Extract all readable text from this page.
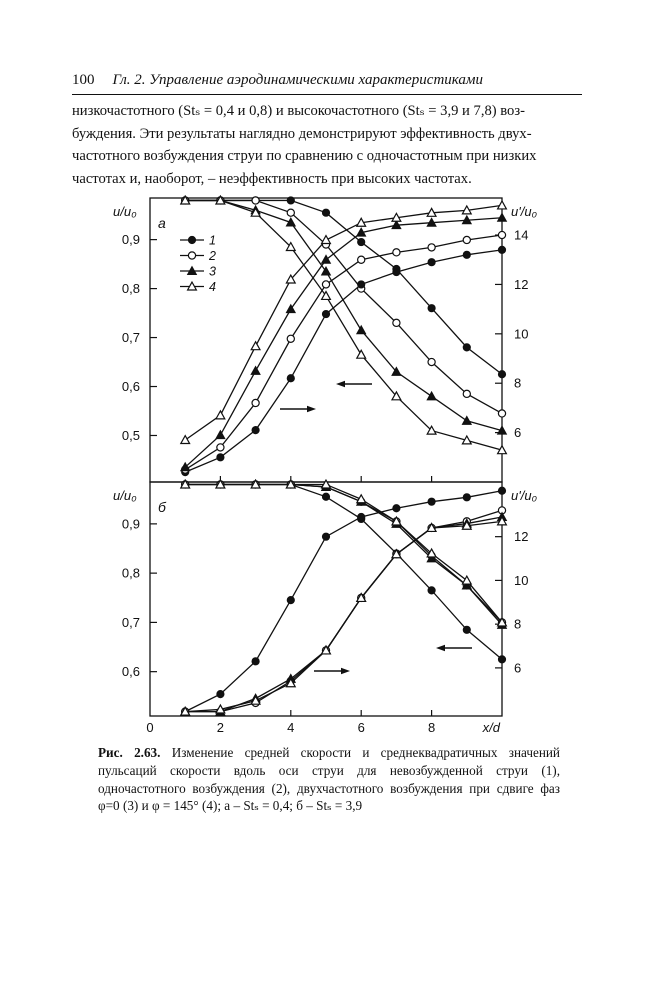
100 Гл. 2. Управление аэродинамическими характеристиками
низкочастотного (Stₛ = 0,4 и 0,8) и высокочастотного (Stₛ = 3,9 и 7,8) воз-
буждения. Эти результаты наглядно демонстрируют эффективность двух-
частотного возбуждения струи по сравнению с одночастотным при низких
частотах и, наоборот, – неэффективность при высоких частотах.
0,5
0,6
0,7
0,8
0,9
6
8
10
12
14
u/u₀	u'/u₀
a
1
2
3
4
0,6
0,7
0,8
0,9
6
8
10
12
u/u₀	u'/u₀
б
0	2	4	6	8	x/d
Рис. 2.63. Изменение средней скорости и среднеквадратичных значений пульсаций скорости вдоль оси струи для невозбужденной струи (1), одночастотного возбуждения (2), двухчастотного возбуждения при сдвиге фаз φ=0 (3) и φ = 145° (4); а – Stₛ = 0,4; б – Stₛ = 3,9
